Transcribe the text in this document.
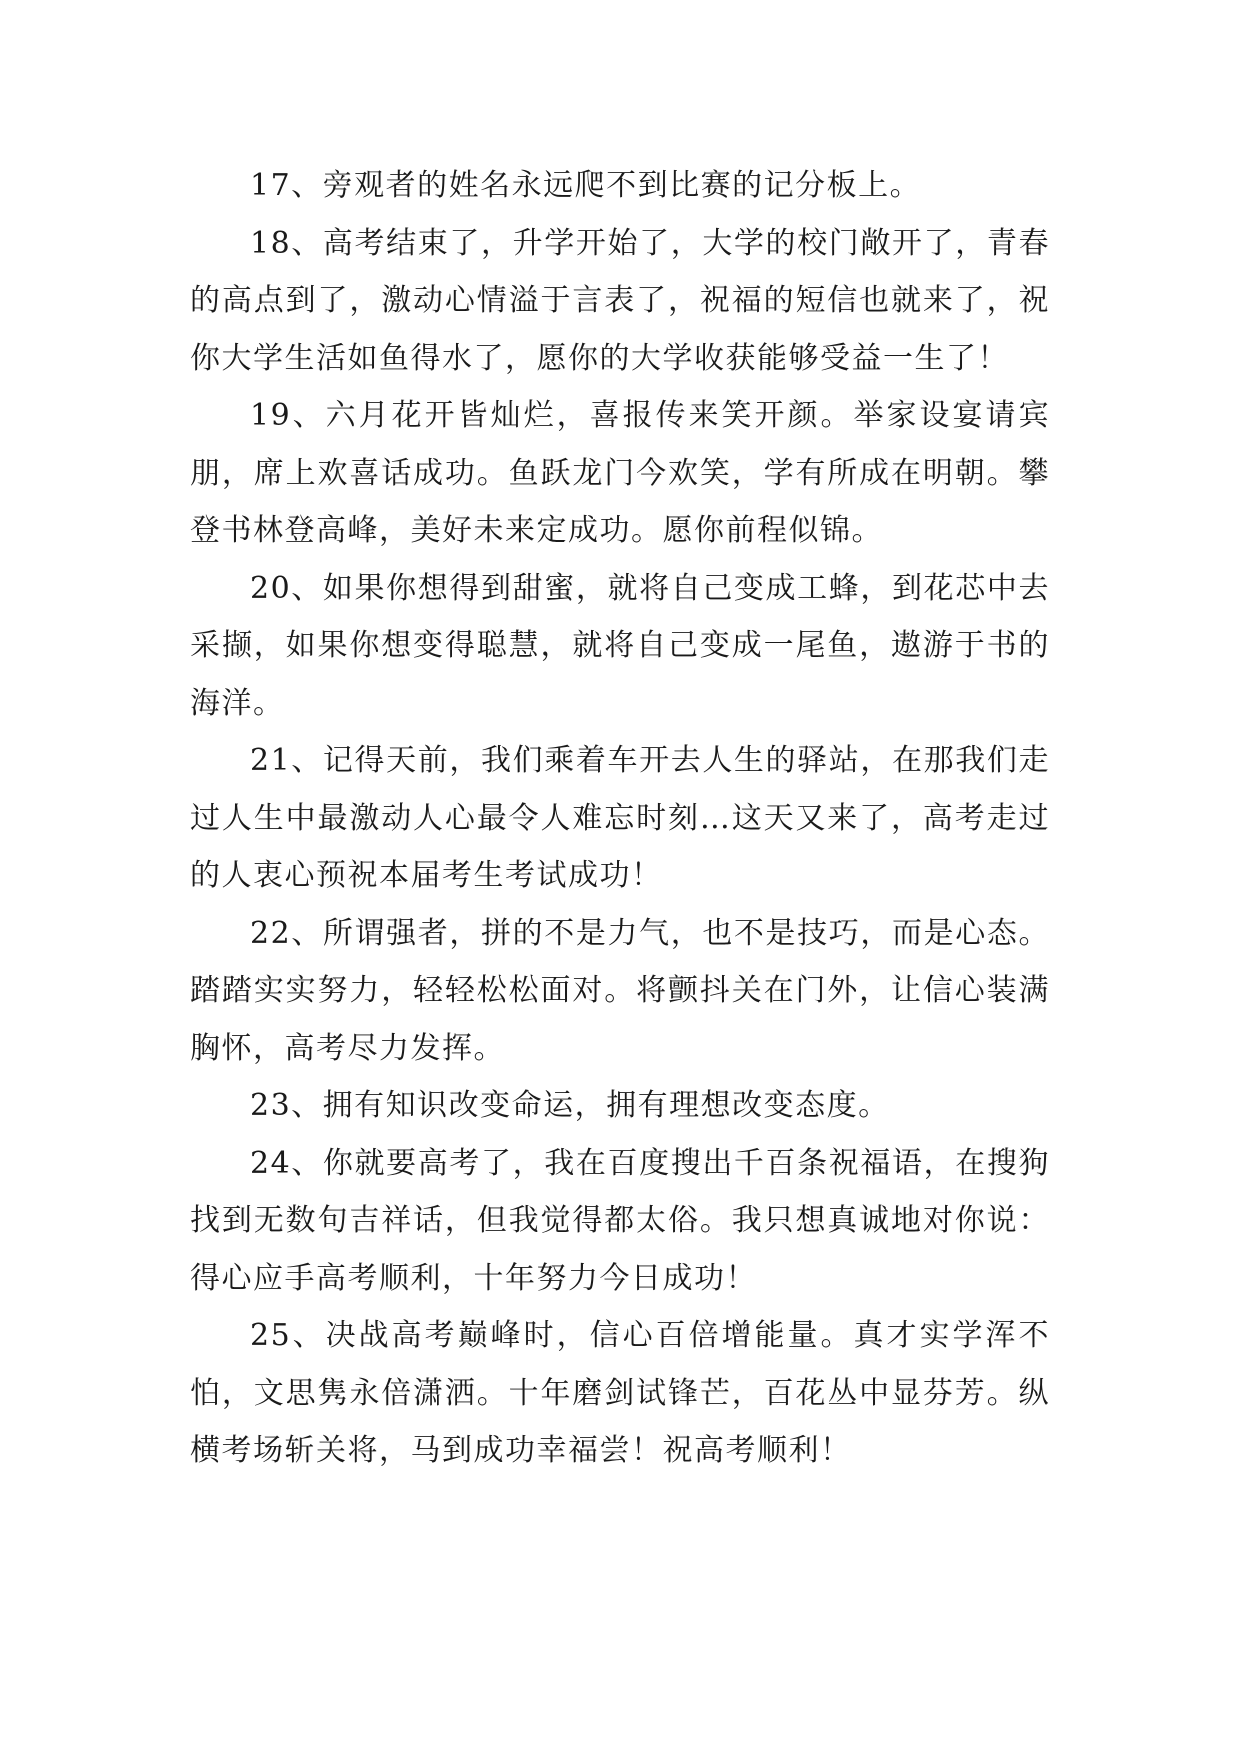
17、旁观者的姓名永远爬不到比赛的记分板上。

18、高考结束了，升学开始了，大学的校门敞开了，青春的高点到了，激动心情溢于言表了，祝福的短信也就来了，祝你大学生活如鱼得水了，愿你的大学收获能够受益一生了！

19、六月花开皆灿烂，喜报传来笑开颜。举家设宴请宾朋，席上欢喜话成功。鱼跃龙门今欢笑，学有所成在明朝。攀登书林登高峰，美好未来定成功。愿你前程似锦。

20、如果你想得到甜蜜，就将自己变成工蜂，到花芯中去采撷，如果你想变得聪慧，就将自己变成一尾鱼，遨游于书的海洋。

21、记得天前，我们乘着车开去人生的驿站，在那我们走过人生中最激动人心最令人难忘时刻…这天又来了，高考走过的人衷心预祝本届考生考试成功！

22、所谓强者，拼的不是力气，也不是技巧，而是心态。踏踏实实努力，轻轻松松面对。将颤抖关在门外，让信心装满胸怀，高考尽力发挥。

23、拥有知识改变命运，拥有理想改变态度。

24、你就要高考了，我在百度搜出千百条祝福语，在搜狗找到无数句吉祥话，但我觉得都太俗。我只想真诚地对你说：得心应手高考顺利，十年努力今日成功！

25、决战高考巅峰时，信心百倍增能量。真才实学浑不怕，文思隽永倍潇洒。十年磨剑试锋芒，百花丛中显芬芳。纵横考场斩关将，马到成功幸福尝！祝高考顺利！
